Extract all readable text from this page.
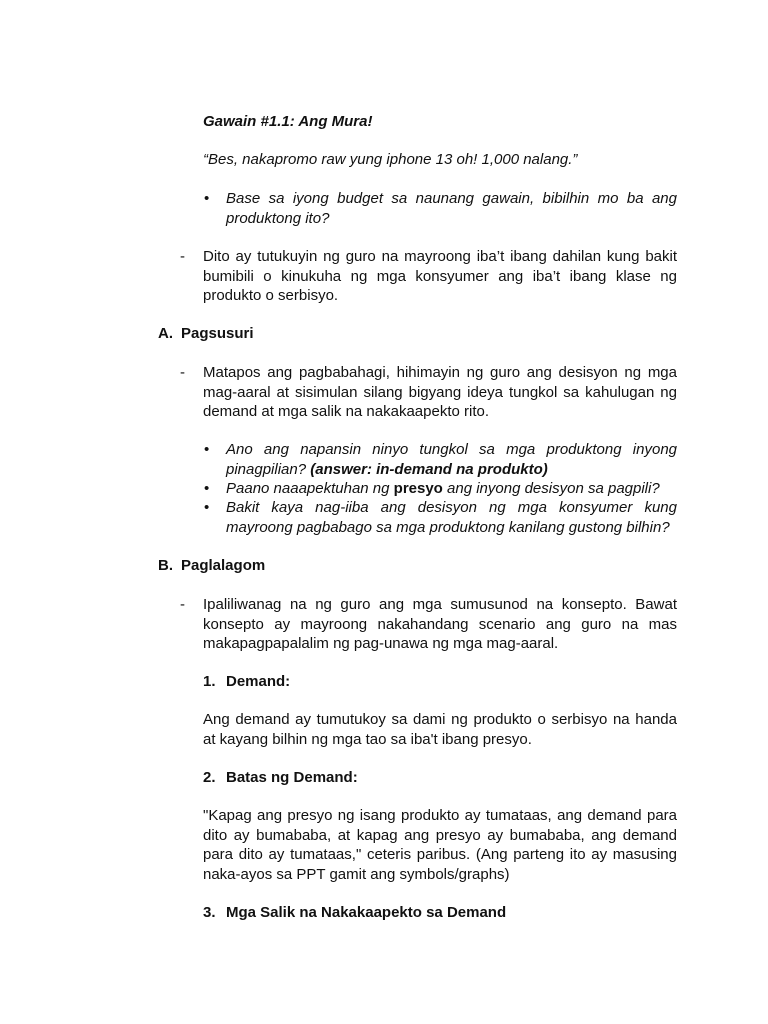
Gawain #1.1: Ang Mura!
“Bes, nakapromo raw yung iphone 13 oh! 1,000 nalang.”
• Base sa iyong budget sa naunang gawain, bibilhin mo ba ang produktong ito?
- Dito ay tutukuyin ng guro na mayroong iba’t ibang dahilan kung bakit bumibili o kinukuha ng mga konsyumer ang iba’t ibang klase ng produkto o serbisyo.
A. Pagsusuri
- Matapos ang pagbabahagi, hihimayin ng guro ang desisyon ng mga mag-aaral at sisimulan silang bigyang ideya tungkol sa kahulugan ng demand at mga salik na nakakaapekto rito.
• Ano ang napansin ninyo tungkol sa mga produktong inyong pinagpilian? (answer: in-demand na produkto)
• Paano naaapektuhan ng presyo ang inyong desisyon sa pagpili?
• Bakit kaya nag-iiba ang desisyon ng mga konsyumer kung mayroong pagbabago sa mga produktong kanilang gustong bilhin?
B. Paglalagom
- Ipaliliwanag na ng guro ang mga sumusunod na konsepto. Bawat konsepto ay mayroong nakahandang scenario ang guro na mas makapagpapalalim ng pag-unawa ng mga mag-aaral.
1. Demand:
Ang demand ay tumutukoy sa dami ng produkto o serbisyo na handa at kayang bilhin ng mga tao sa iba't ibang presyo.
2. Batas ng Demand:
"Kapag ang presyo ng isang produkto ay tumataas, ang demand para dito ay bumababa, at kapag ang presyo ay bumababa, ang demand para dito ay tumataas," ceteris paribus. (Ang parteng ito ay masusing naka-ayos sa PPT gamit ang symbols/graphs)
3. Mga Salik na Nakakaapekto sa Demand
